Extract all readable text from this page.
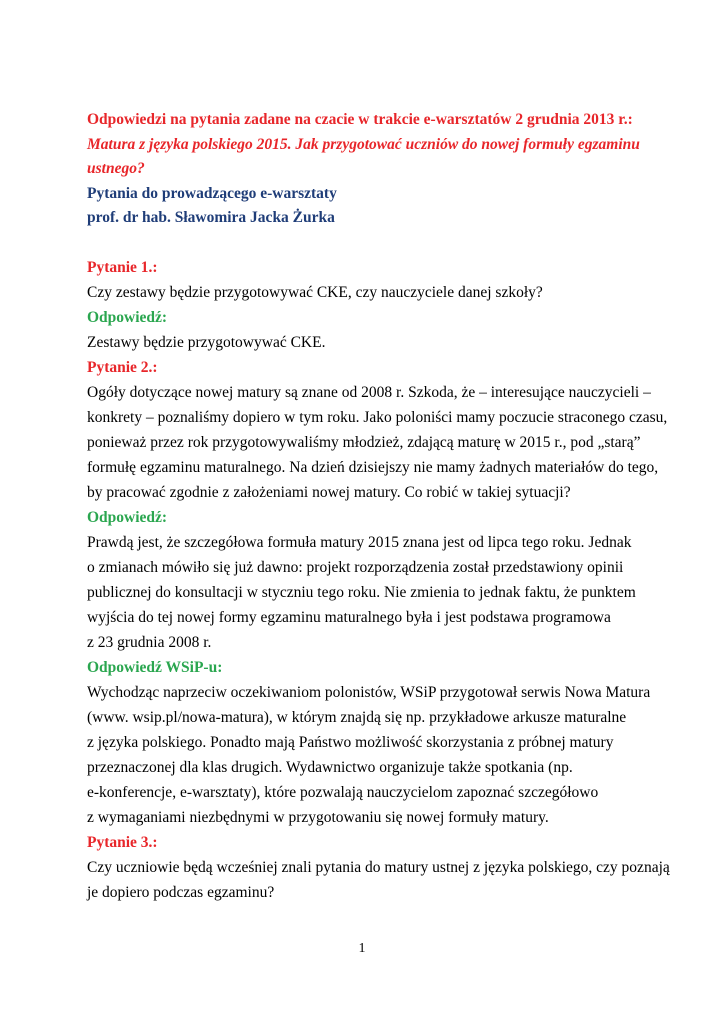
Odpowiedzi na pytania zadane na czacie w trakcie e-warsztatów 2 grudnia 2013 r.:

Matura z języka polskiego 2015. Jak przygotować uczniów do nowej formuły egzaminu

ustnego?

Pytania do prowadzącego e-warsztaty

prof. dr hab. Sławomira Jacka Żurka

Pytanie 1.:

Czy zestawy będzie przygotowywać CKE, czy nauczyciele danej szkoły?

Odpowiedź:

Zestawy będzie przygotowywać CKE.

Pytanie 2.:

Ogóły dotyczące nowej matury są znane od 2008 r. Szkoda, że – interesujące nauczycieli –
konkrety – poznaliśmy dopiero w tym roku. Jako poloniści mamy poczucie straconego czasu,
ponieważ przez rok przygotowywaliśmy młodzież, zdającą maturę w 2015 r., pod „starą”
formułę egzaminu maturalnego. Na dzień dzisiejszy nie mamy żadnych materiałów do tego,
by pracować zgodnie z założeniami nowej matury. Co robić w takiej sytuacji?

Odpowiedź:

Prawdą jest, że szczegółowa formuła matury 2015 znana jest od lipca tego roku. Jednak
o zmianach mówiło się już dawno: projekt rozporządzenia został przedstawiony opinii
publicznej do konsultacji w styczniu tego roku. Nie zmienia to jednak faktu, że punktem
wyjścia do tej nowej formy egzaminu maturalnego była i jest podstawa programowa
z 23 grudnia 2008 r.

Odpowiedź WSiP-u:

Wychodząc naprzeciw oczekiwaniom polonistów, WSiP przygotował serwis Nowa Matura
(www. wsip.pl/nowa-matura), w którym znajdą się np. przykładowe arkusze maturalne
z języka polskiego. Ponadto mają Państwo możliwość skorzystania z próbnej matury
przeznaczonej dla klas drugich. Wydawnictwo organizuje także spotkania (np.
e-konferencje, e-warsztaty), które pozwalają nauczycielom zapoznać szczegółowo
z wymaganiami niezbędnymi w przygotowaniu się nowej formuły matury.

Pytanie 3.:

Czy uczniowie będą wcześniej znali pytania do matury ustnej z języka polskiego, czy poznają
je dopiero podczas egzaminu?

1
